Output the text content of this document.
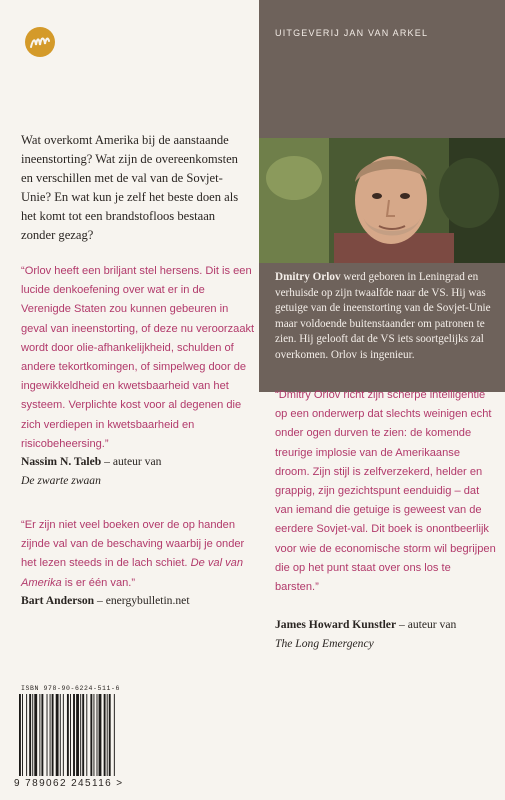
UITGEVERIJ JAN VAN ARKEL
Dmitry Orlov werd geboren in Leningrad en verhuisde op zijn twaalfde naar de VS. Hij was getuige van de ineenstorting van de Sovjet-Unie maar voldoende buitenstaander om patronen te zien. Hij gelooft dat de VS iets soortgelijks zal overkomen. Orlov is ingenieur.
Wat overkomt Amerika bij de aanstaande ineenstorting? Wat zijn de overeenkomsten en verschillen met de val van de Sovjet-Unie? En wat kun je zelf het beste doen als het komt tot een brandstofloos bestaan zonder gezag?
“Orlov heeft een briljant stel hersens. Dit is een lucide denkoefening over wat er in de Verenigde Staten zou kunnen gebeuren in geval van ineenstorting, of deze nu veroorzaakt wordt door olie-afhankelijkheid, schulden of andere tekortkomingen, of simpelweg door de ingewikkeldheid en kwetsbaarheid van het systeem. Verplichte kost voor al degenen die zich verdiepen in kwetsbaarheid en risicobeheersing.”
Nassim N. Taleb – auteur van
De zwarte zwaan
“Er zijn niet veel boeken over de op handen zijnde val van de beschaving waarbij je onder het lezen steeds in de lach schiet. De val van Amerika is er één van.”
Bart Anderson – energybulletin.net
“Dmitry Orlov richt zijn scherpe intelligentie op een onderwerp dat slechts weinigen echt onder ogen durven te zien: de komende treurige implosie van de Amerikaanse droom. Zijn stijl is zelfverzekerd, helder en grappig, zijn gezichtspunt eenduidig – dat van iemand die getuige is geweest van de eerdere Sovjet-val. Dit boek is onontbeerlijk voor wie de economische storm wil begrijpen die op het punt staat over ons los te barsten.”
James Howard Kunstler – auteur van
The Long Emergency
ISBN 978-90-6224-511-6
9 789062 245116 >
